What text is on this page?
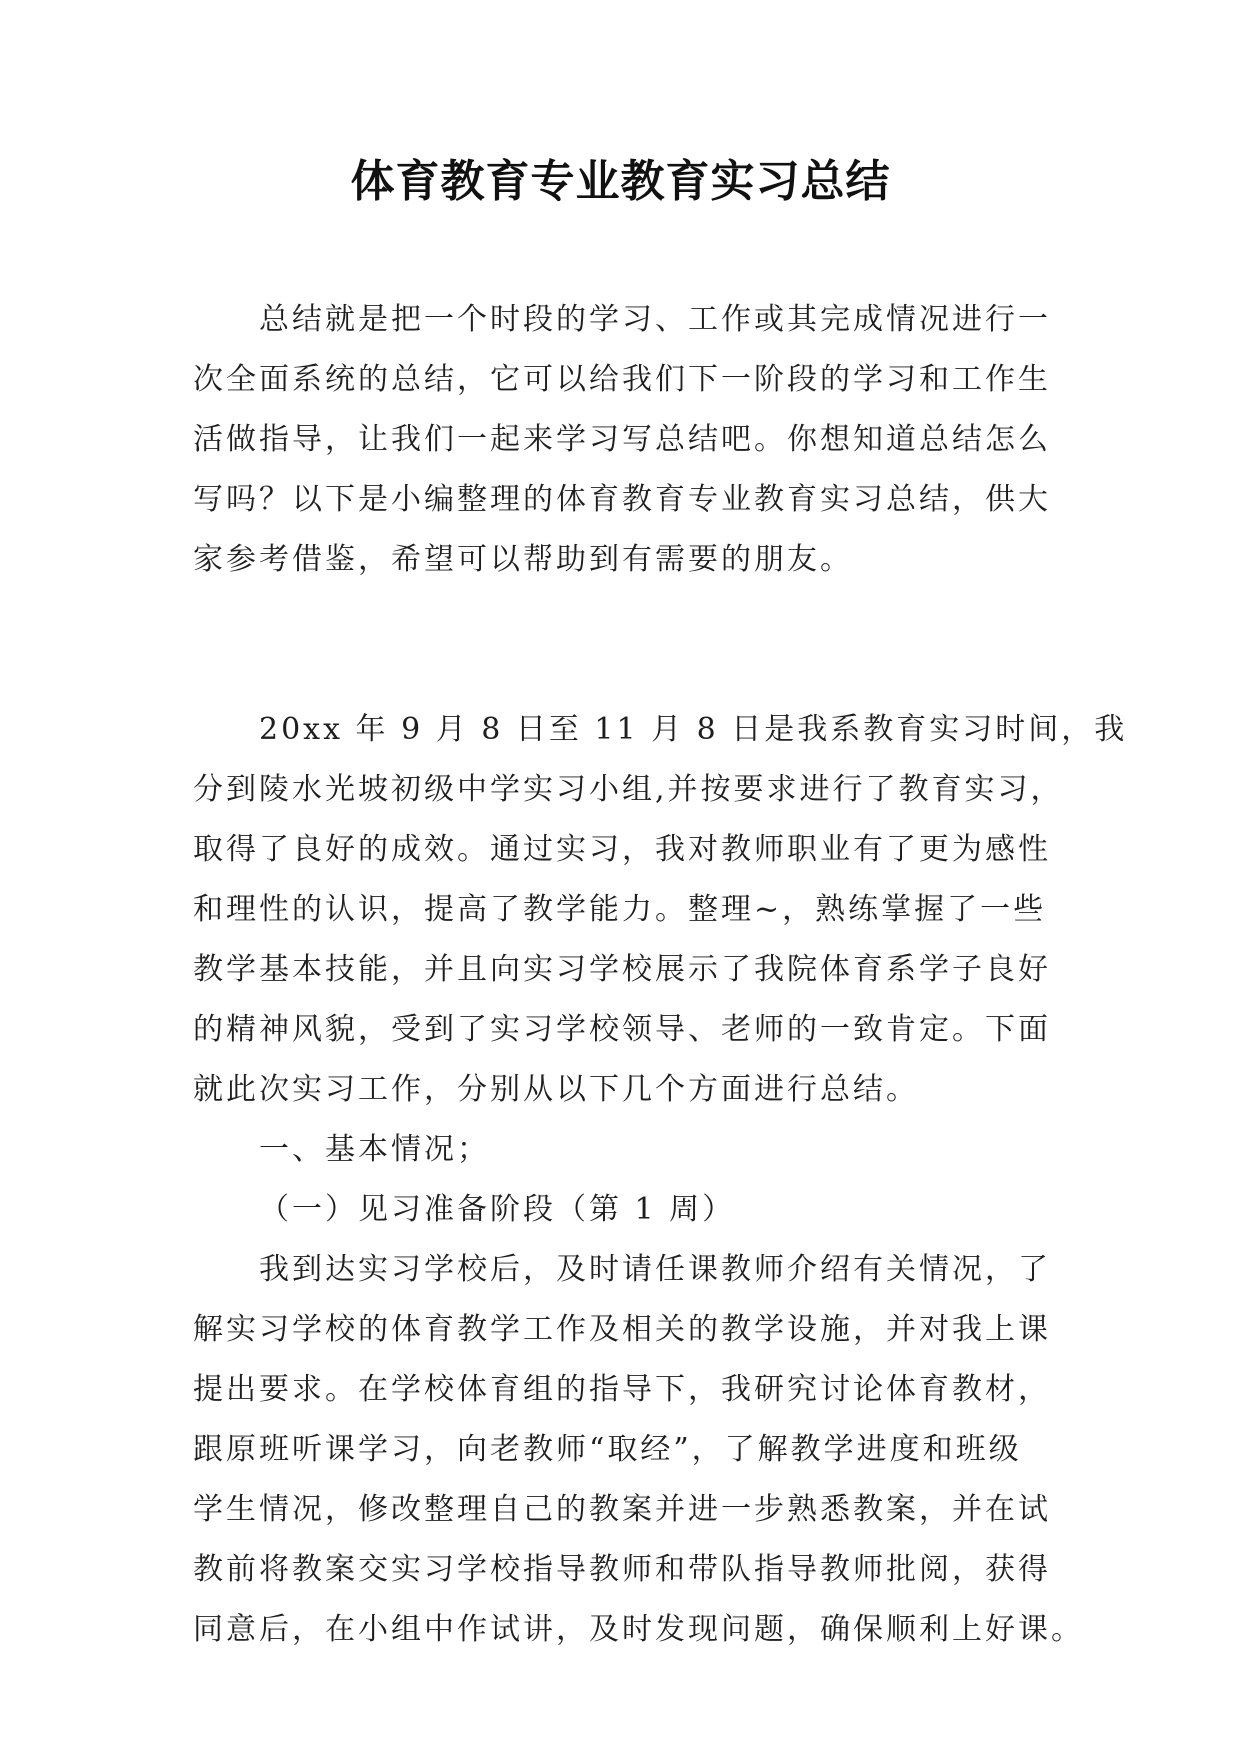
体育教育专业教育实习总结
总结就是把一个时段的学习、工作或其完成情况进行一
次全面系统的总结，它可以给我们下一阶段的学习和工作生
活做指导，让我们一起来学习写总结吧。你想知道总结怎么
写吗？以下是小编整理的体育教育专业教育实习总结，供大
家参考借鉴，希望可以帮助到有需要的朋友。
20xx 年 9 月 8 日至 11 月 8 日是我系教育实习时间，我
分到陵水光坡初级中学实习小组,并按要求进行了教育实习，
取得了良好的成效。通过实习，我对教师职业有了更为感性
和理性的认识，提高了教学能力。整理~，熟练掌握了一些
教学基本技能，并且向实习学校展示了我院体育系学子良好
的精神风貌，受到了实习学校领导、老师的一致肯定。下面
就此次实习工作，分别从以下几个方面进行总结。
一、基本情况；
（一）见习准备阶段（第 1 周）
我到达实习学校后，及时请任课教师介绍有关情况，了
解实习学校的体育教学工作及相关的教学设施，并对我上课
提出要求。在学校体育组的指导下，我研究讨论体育教材，
跟原班听课学习，向老教师“取经”，了解教学进度和班级
学生情况，修改整理自己的教案并进一步熟悉教案，并在试
教前将教案交实习学校指导教师和带队指导教师批阅，获得
同意后，在小组中作试讲，及时发现问题，确保顺利上好课。
